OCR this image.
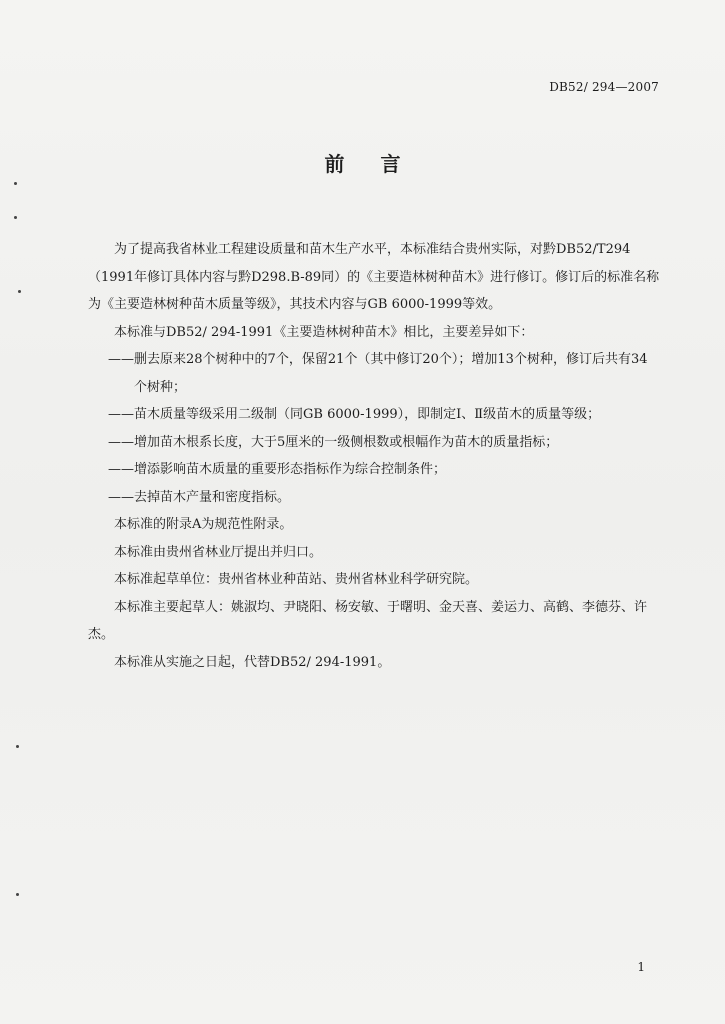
DB52/ 294—2007
前 言

为了提高我省林业工程建设质量和苗木生产水平，本标准结合贵州实际，对黔DB52/T294（1991年修订具体内容与黔D298.B-89同）的《主要造林树种苗木》进行修订。修订后的标准名称为《主要造林树种苗木质量等级》，其技术内容与GB 6000-1999等效。

本标准与DB52/ 294-1991《主要造林树种苗木》相比，主要差异如下：

——删去原来28个树种中的7个，保留21个（其中修订20个）；增加13个树种，修订后共有34
个树种；

——苗木质量等级采用二级制（同GB 6000-1999），即制定Ⅰ、Ⅱ级苗木的质量等级；

——增加苗木根系长度，大于5厘米的一级侧根数或根幅作为苗木的质量指标；

——增添影响苗木质量的重要形态指标作为综合控制条件；

——去掉苗木产量和密度指标。

本标准的附录A为规范性附录。

本标准由贵州省林业厅提出并归口。

本标准起草单位：贵州省林业种苗站、贵州省林业科学研究院。

本标准主要起草人：姚淑均、尹晓阳、杨安敏、于曙明、金天喜、姜运力、高鹤、李德芬、许杰。

本标准从实施之日起，代替DB52/ 294-1991。

1
